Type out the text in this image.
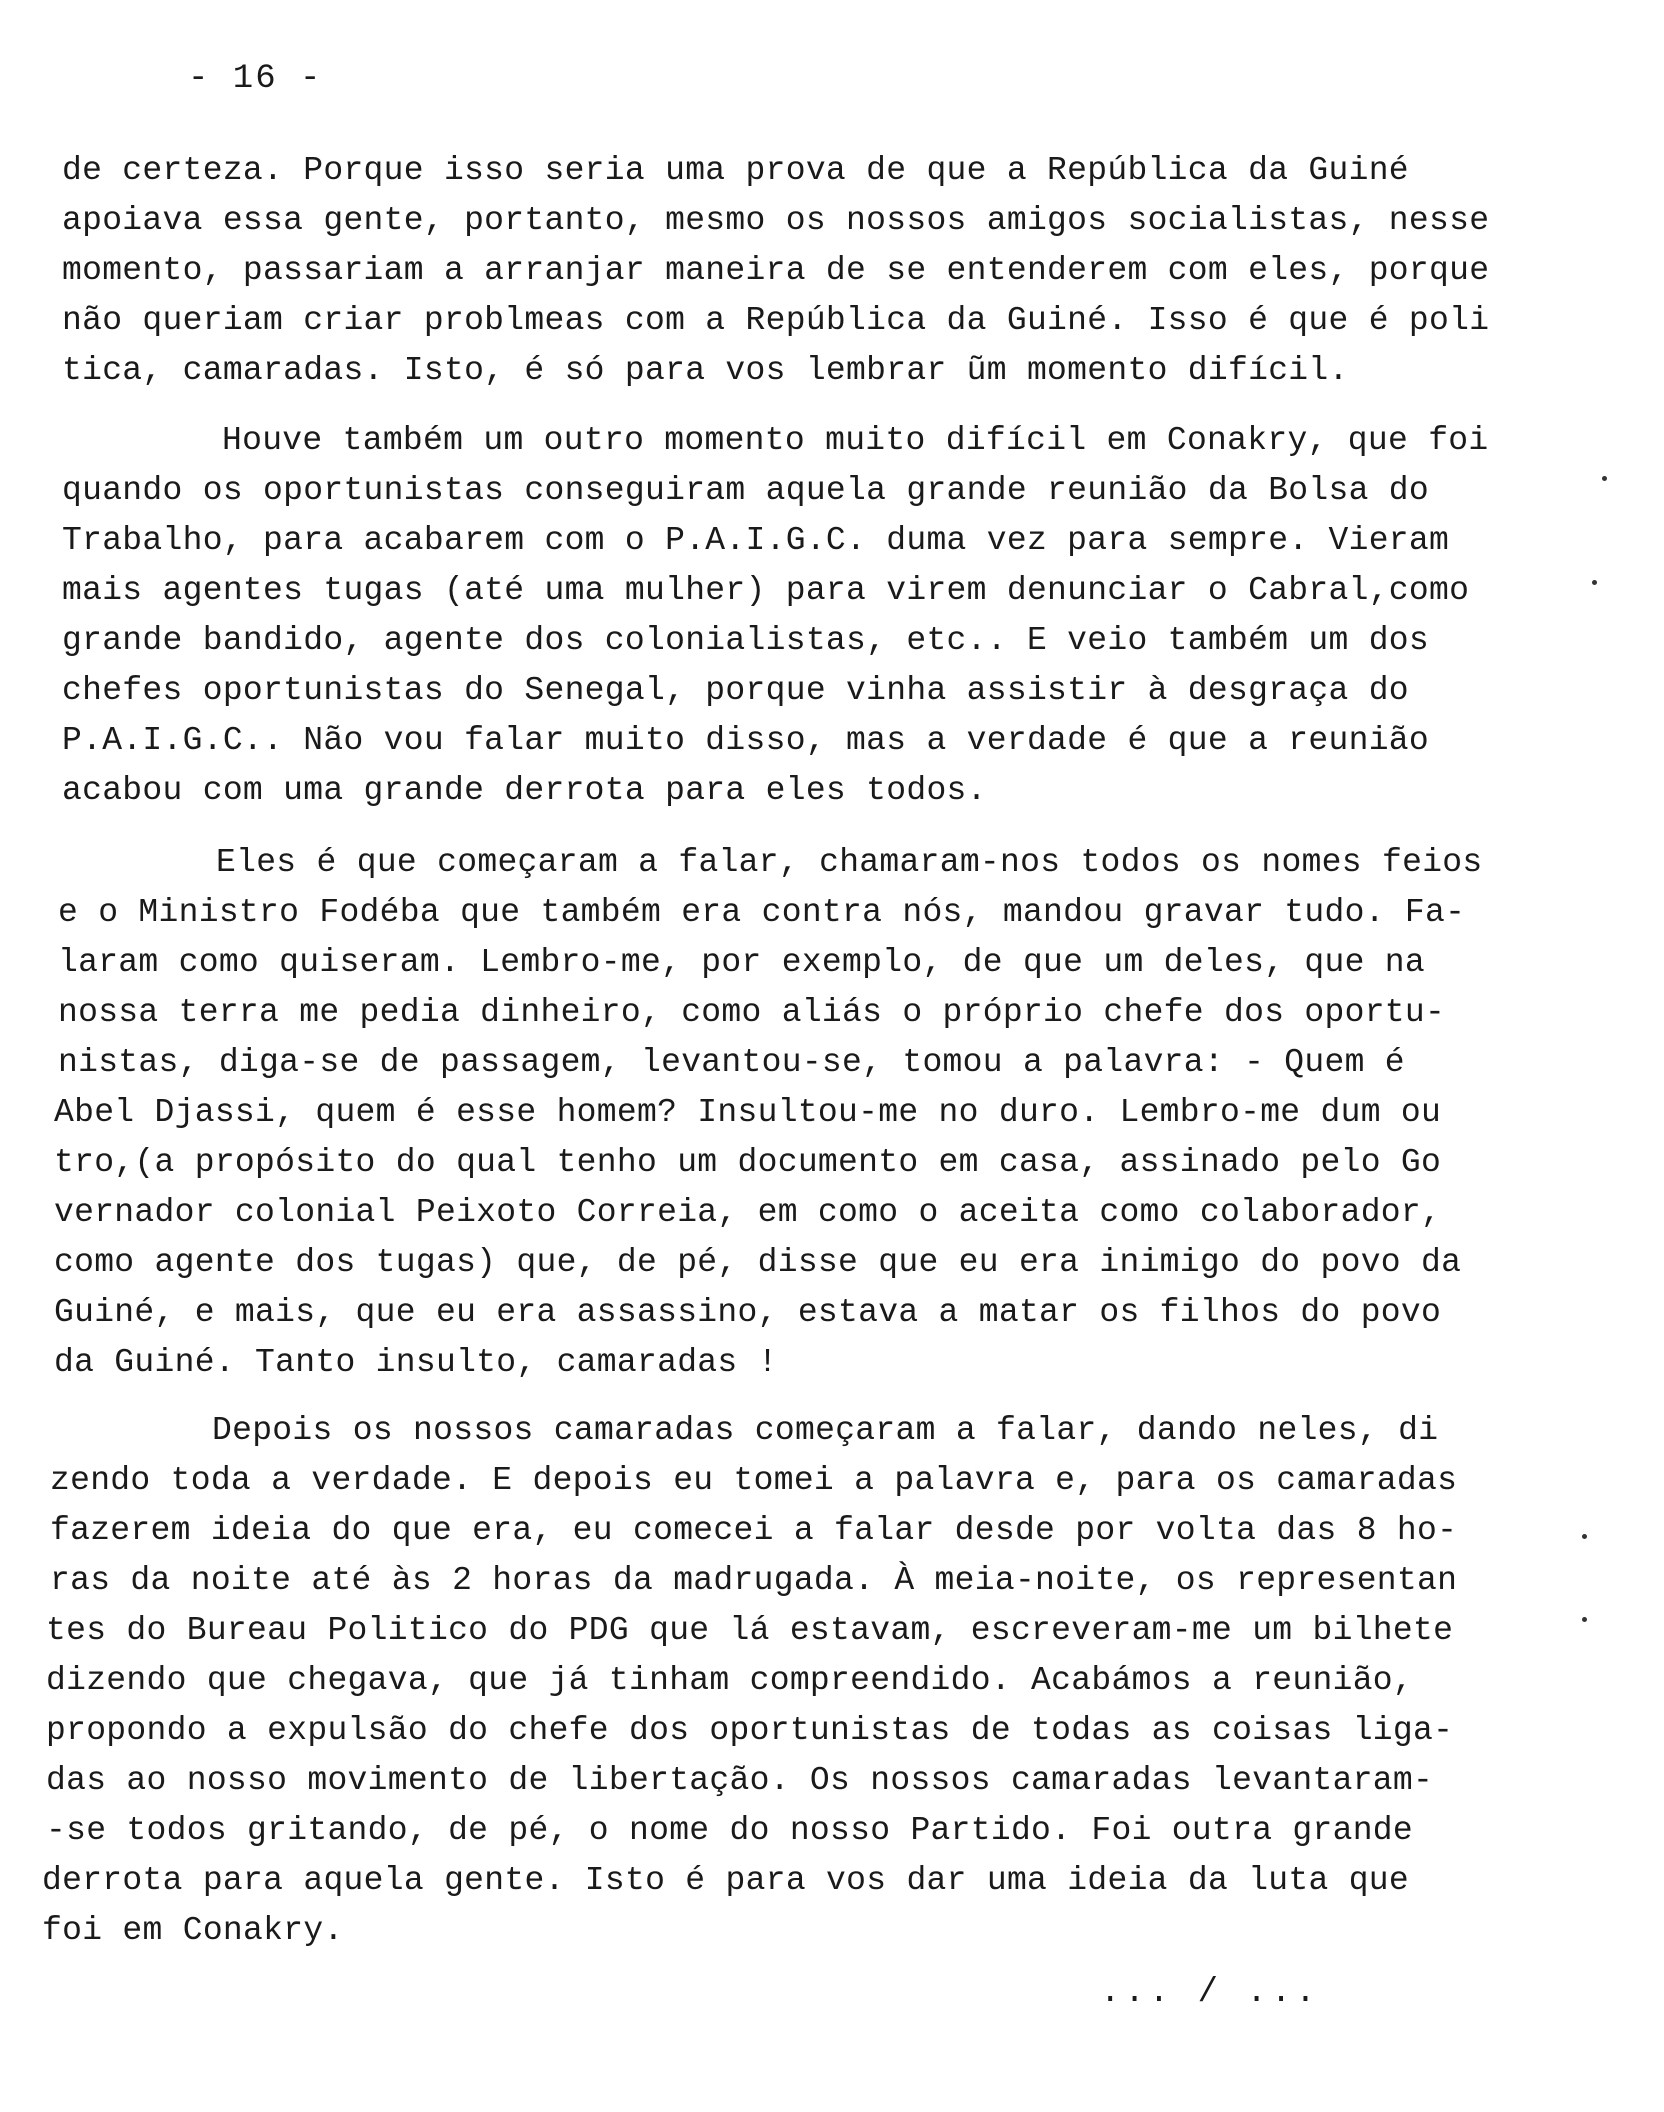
- 16 -
de certeza. Porque isso seria uma prova de que a República da Guiné
apoiava essa gente, portanto, mesmo os nossos amigos socialistas, nesse
momento, passariam a arranjar maneira de se entenderem com eles, porque
não queriam criar problmeas com a República da Guiné. Isso é que é poli
tica, camaradas. Isto, é só para vos lembrar ũm momento difícil.
Houve também um outro momento muito difícil em Conakry, que foi
quando os oportunistas conseguiram aquela grande reunião da Bolsa do
Trabalho, para acabarem com o P.A.I.G.C. duma vez para sempre. Vieram
mais agentes tugas (até uma mulher) para virem denunciar o Cabral,como
grande bandido, agente dos colonialistas, etc.. E veio também um dos
chefes oportunistas do Senegal, porque vinha assistir à desgraça do
P.A.I.G.C.. Não vou falar muito disso, mas a verdade é que a reunião
acabou com uma grande derrota para eles todos.
Eles é que começaram a falar, chamaram-nos todos os nomes feios
e o Ministro Fodéba que também era contra nós, mandou gravar tudo. Fa-
laram como quiseram. Lembro-me, por exemplo, de que um deles, que na
nossa terra me pedia dinheiro, como aliás o próprio chefe dos oportu-
nistas, diga-se de passagem, levantou-se, tomou a palavra: - Quem é
Abel Djassi, quem é esse homem? Insultou-me no duro. Lembro-me dum ou
tro,(a propósito do qual tenho um documento em casa, assinado pelo Go
vernador colonial Peixoto Correia, em como o aceita como colaborador,
como agente dos tugas) que, de pé, disse que eu era inimigo do povo da
Guiné, e mais, que eu era assassino, estava a matar os filhos do povo
da Guiné. Tanto insulto, camaradas !
Depois os nossos camaradas começaram a falar, dando neles, di
zendo toda a verdade. E depois eu tomei a palavra e, para os camaradas
fazerem ideia do que era, eu comecei a falar desde por volta das 8 ho-
ras da noite até às 2 horas da madrugada. À meia-noite, os representan
tes do Bureau Politico do PDG que lá estavam, escreveram-me um bilhete
dizendo que chegava, que já tinham compreendido. Acabámos a reunião,
propondo a expulsão do chefe dos oportunistas de todas as coisas liga-
das ao nosso movimento de libertação. Os nossos camaradas levantaram-
-se todos gritando, de pé, o nome do nosso Partido. Foi outra grande
derrota para aquela gente. Isto é para vos dar uma ideia da luta que
foi em Conakry.
... / ...
